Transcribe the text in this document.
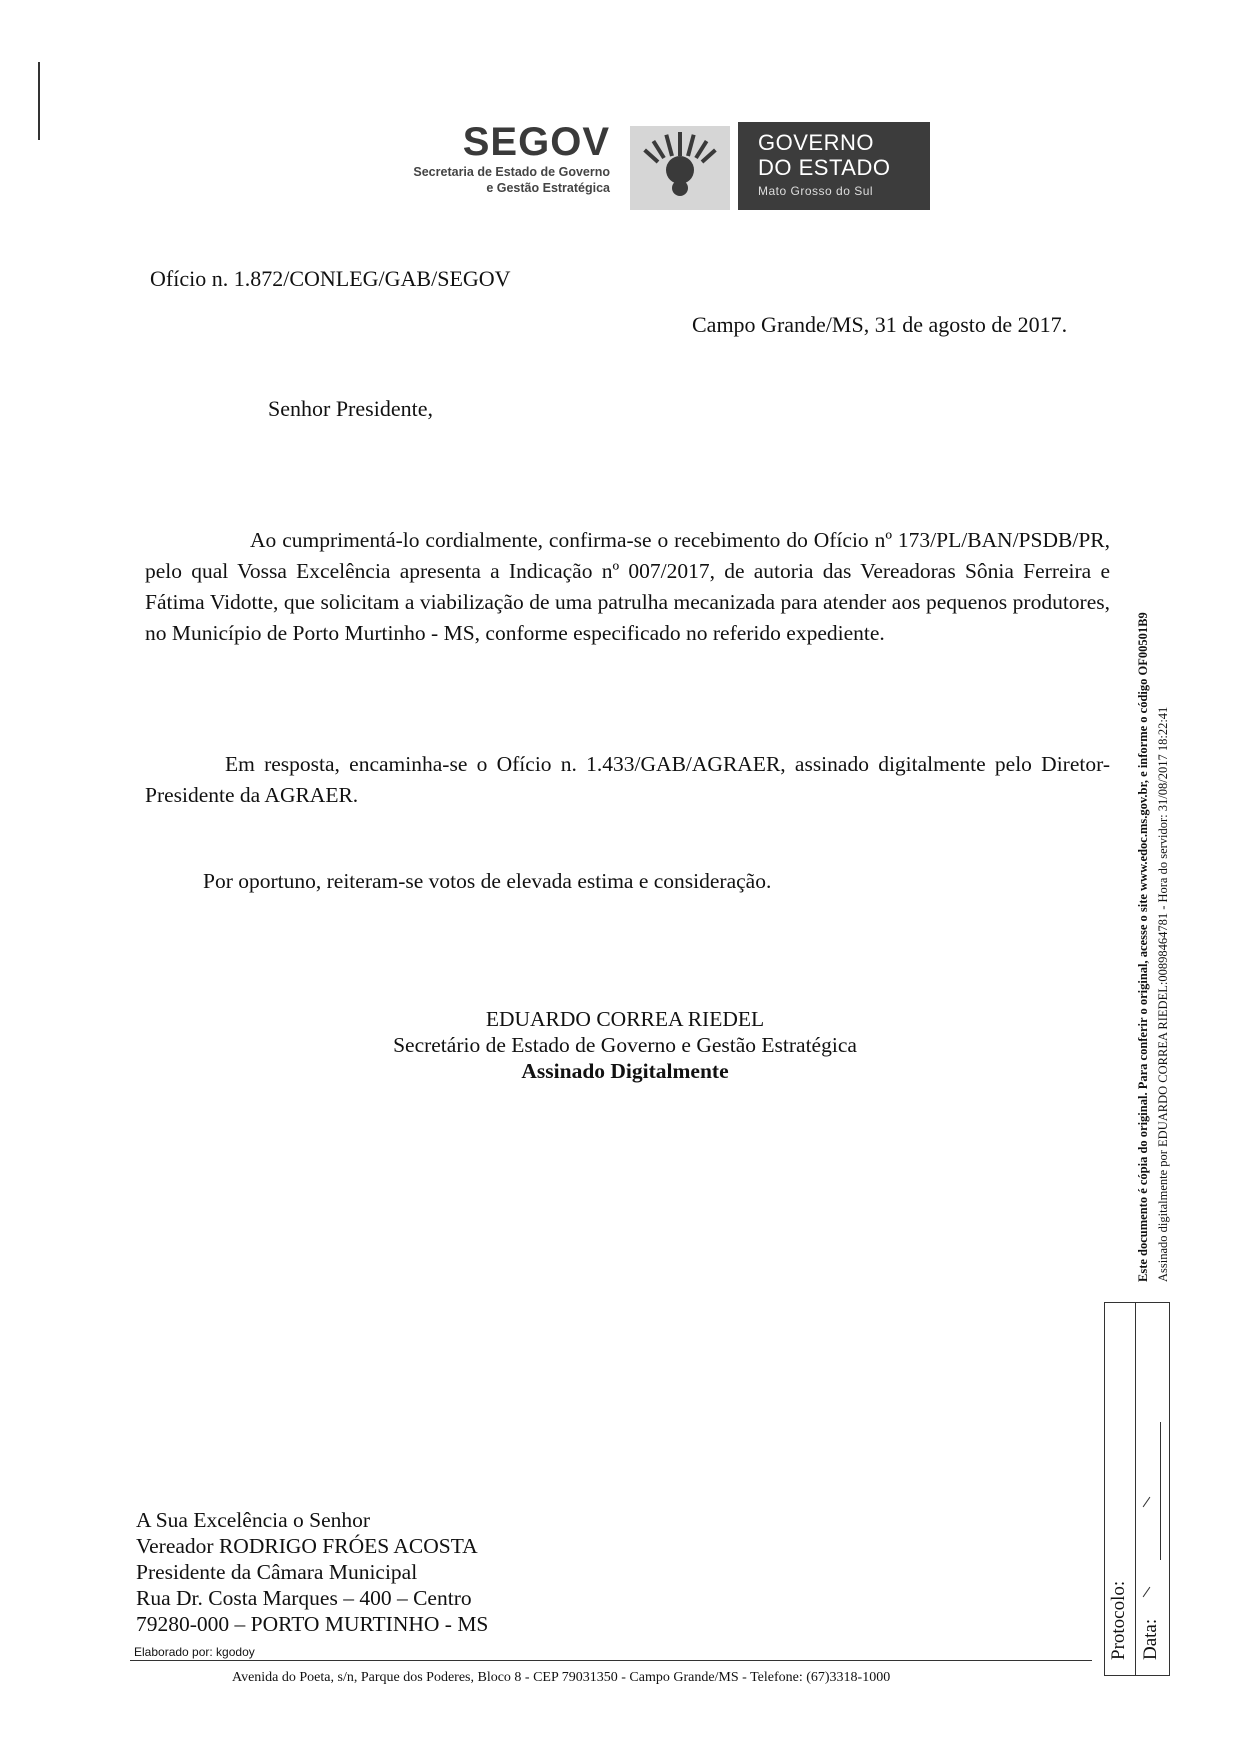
SEGOV
Secretaria de Estado de Governo
e Gestão Estratégica
GOVERNO
DO ESTADO
Mato Grosso do Sul
Ofício n. 1.872/CONLEG/GAB/SEGOV
Campo Grande/MS, 31 de agosto de 2017.
Senhor Presidente,
Ao cumprimentá-lo cordialmente, confirma-se o recebimento do Ofício nº 173/PL/BAN/PSDB/PR, pelo qual Vossa Excelência apresenta a Indicação nº 007/2017, de autoria das Vereadoras Sônia Ferreira e Fátima Vidotte, que solicitam a viabilização de uma patrulha mecanizada para atender aos pequenos produtores, no Município de Porto Murtinho - MS, conforme especificado no referido expediente.
Em resposta, encaminha-se o Ofício n. 1.433/GAB/AGRAER, assinado digitalmente pelo Diretor-Presidente da AGRAER.
Por oportuno, reiteram-se votos de elevada estima e consideração.
EDUARDO CORREA RIEDEL
Secretário de Estado de Governo e Gestão Estratégica
Assinado Digitalmente
A Sua Excelência o Senhor
Vereador RODRIGO FRÓES ACOSTA
Presidente da Câmara Municipal
Rua Dr. Costa Marques – 400 – Centro
79280-000 – PORTO MURTINHO - MS
Elaborado por: kgodoy
Avenida do Poeta, s/n, Parque dos Poderes, Bloco 8 - CEP 79031350 - Campo Grande/MS - Telefone: (67)3318-1000
Este documento é cópia do original. Para conferir o original, acesse o site www.edoc.ms.gov.br, e informe o código OF00501B9 Assinado digitalmente por EDUARDO CORREA RIEDEL:00898464781 - Hora do servidor: 31/08/2017 18:22:41
Protocolo: Data:
